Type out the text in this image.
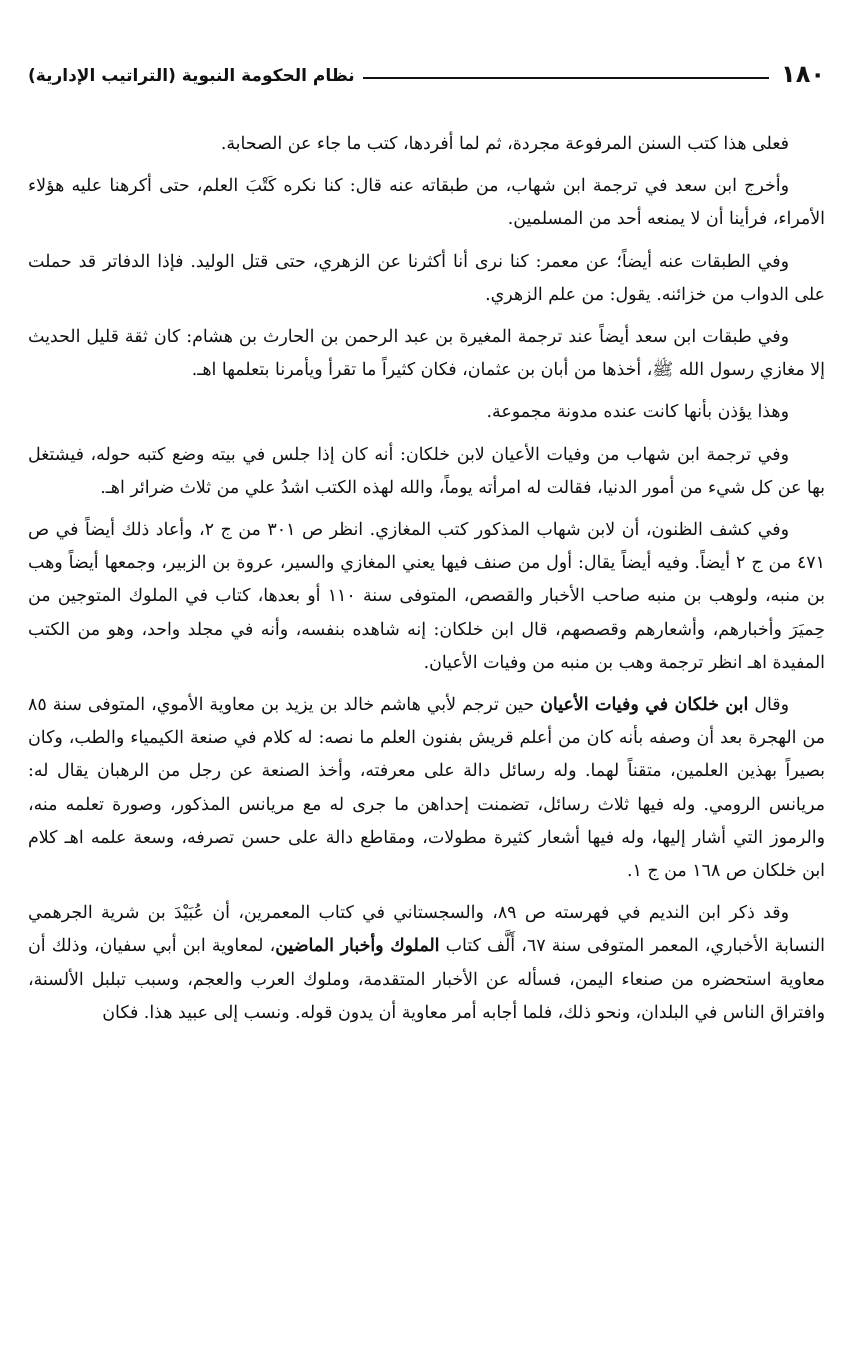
١٨٠
نظام الحكومة النبوية (التراتيب الإدارية)

فعلى هذا كتب السنن المرفوعة مجردة، ثم لما أفردها، كتب ما جاء عن الصحابة.

وأخرج ابن سعد في ترجمة ابن شهاب، من طبقاته عنه قال: كنا نكره كَتْبَ العلم، حتى أكرهنا عليه هؤلاء الأمراء، فرأينا أن لا يمنعه أحد من المسلمين.

وفي الطبقات عنه أيضاً؛ عن معمر: كنا نرى أنا أكثرنا عن الزهري، حتى قتل الوليد. فإذا الدفاتر قد حملت على الدواب من خزائنه. يقول: من علم الزهري.

وفي طبقات ابن سعد أيضاً عند ترجمة المغيرة بن عبد الرحمن بن الحارث بن هشام: كان ثقة قليل الحديث إلا مغازي رسول الله ﷺ، أخذها من أبان بن عثمان، فكان كثيراً ما تقرأ ويأمرنا بتعلمها اهـ.

وهذا يؤذن بأنها كانت عنده مدونة مجموعة.

وفي ترجمة ابن شهاب من وفيات الأعيان لابن خلكان: أنه كان إذا جلس في بيته وضع كتبه حوله، فيشتغل بها عن كل شيء من أمور الدنيا، فقالت له امرأته يوماً، والله لهذه الكتب اشدُ علي من ثلاث ضرائر اهـ.

وفي كشف الظنون، أن لابن شهاب المذكور كتب المغازي. انظر ص ٣٠١ من ج ٢، وأعاد ذلك أيضاً في ص ٤٧١ من ج ٢ أيضاً. وفيه أيضاً يقال: أول من صنف فيها يعني المغازي والسير، عروة بن الزبير، وجمعها أيضاً وهب بن منبه، ولوهب بن منبه صاحب الأخبار والقصص، المتوفى سنة ١١٠ أو بعدها، كتاب في الملوك المتوجين من حِميَرَ وأخبارهم، وأشعارهم وقصصهم، قال ابن خلكان: إنه شاهده بنفسه، وأنه في مجلد واحد، وهو من الكتب المفيدة اهـ انظر ترجمة وهب بن منبه من وفيات الأعيان.

وقال ابن خلكان في وفيات الأعيان حين ترجم لأبي هاشم خالد بن يزيد بن معاوية الأموي، المتوفى سنة ٨٥ من الهجرة بعد أن وصفه بأنه كان من أعلم قريش بفنون العلم ما نصه: له كلام في صنعة الكيمياء والطب، وكان بصيراً بهذين العلمين، متقناً لهما. وله رسائل دالة على معرفته، وأخذ الصنعة عن رجل من الرهبان يقال له: مريانس الرومي. وله فيها ثلاث رسائل، تضمنت إحداهن ما جرى له مع مريانس المذكور، وصورة تعلمه منه، والرموز التي أشار إليها، وله فيها أشعار كثيرة مطولات، ومقاطع دالة على حسن تصرفه، وسعة علمه اهـ كلام ابن خلكان ص ١٦٨ من ج ١.

وقد ذكر ابن النديم في فهرسته ص ٨٩، والسجستاني في كتاب المعمرين، أن عُبَيْدَ بن شرية الجرهمي النسابة الأخباري، المعمر المتوفى سنة ٦٧، أَلَّف كتاب الملوك وأخبار الماضين، لمعاوية ابن أبي سفيان، وذلك أن معاوية استحضره من صنعاء اليمن، فسأله عن الأخبار المتقدمة، وملوك العرب والعجم، وسبب تبلبل الألسنة، وافتراق الناس في البلدان، ونحو ذلك، فلما أجابه أمر معاوية أن يدون قوله. ونسب إلى عبيد هذا. فكان
